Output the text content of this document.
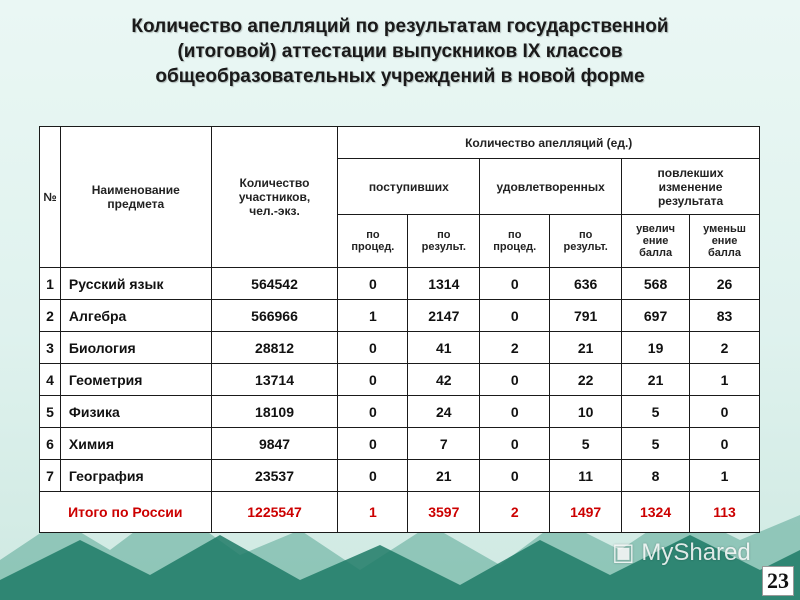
Количество апелляций по результатам государственной
(итоговой) аттестации выпускников IX классов
общеобразовательных учреждений в новой форме
№	Наименование предмета	Количество участников, чел.-экз.	Количество апелляций (ед.)					
			поступивших		удовлетворенных		повлекших изменение результата	
			по процед.	по результ.	по процед.	по результ.	увелич ение балла	уменьш ение балла
1	Русский язык	564542	0	1314	0	636	568	26
2	Алгебра	566966	1	2147	0	791	697	83
3	Биология	28812	0	41	2	21	19	2
4	Геометрия	13714	0	42	0	22	21	1
5	Физика	18109	0	24	0	10	5	0
6	Химия	9847	0	7	0	5	5	0
7	География	23537	0	21	0	11	8	1
Итого по России		1225547	1	3597	2	1497	1324	113
▣ MyShared
23
